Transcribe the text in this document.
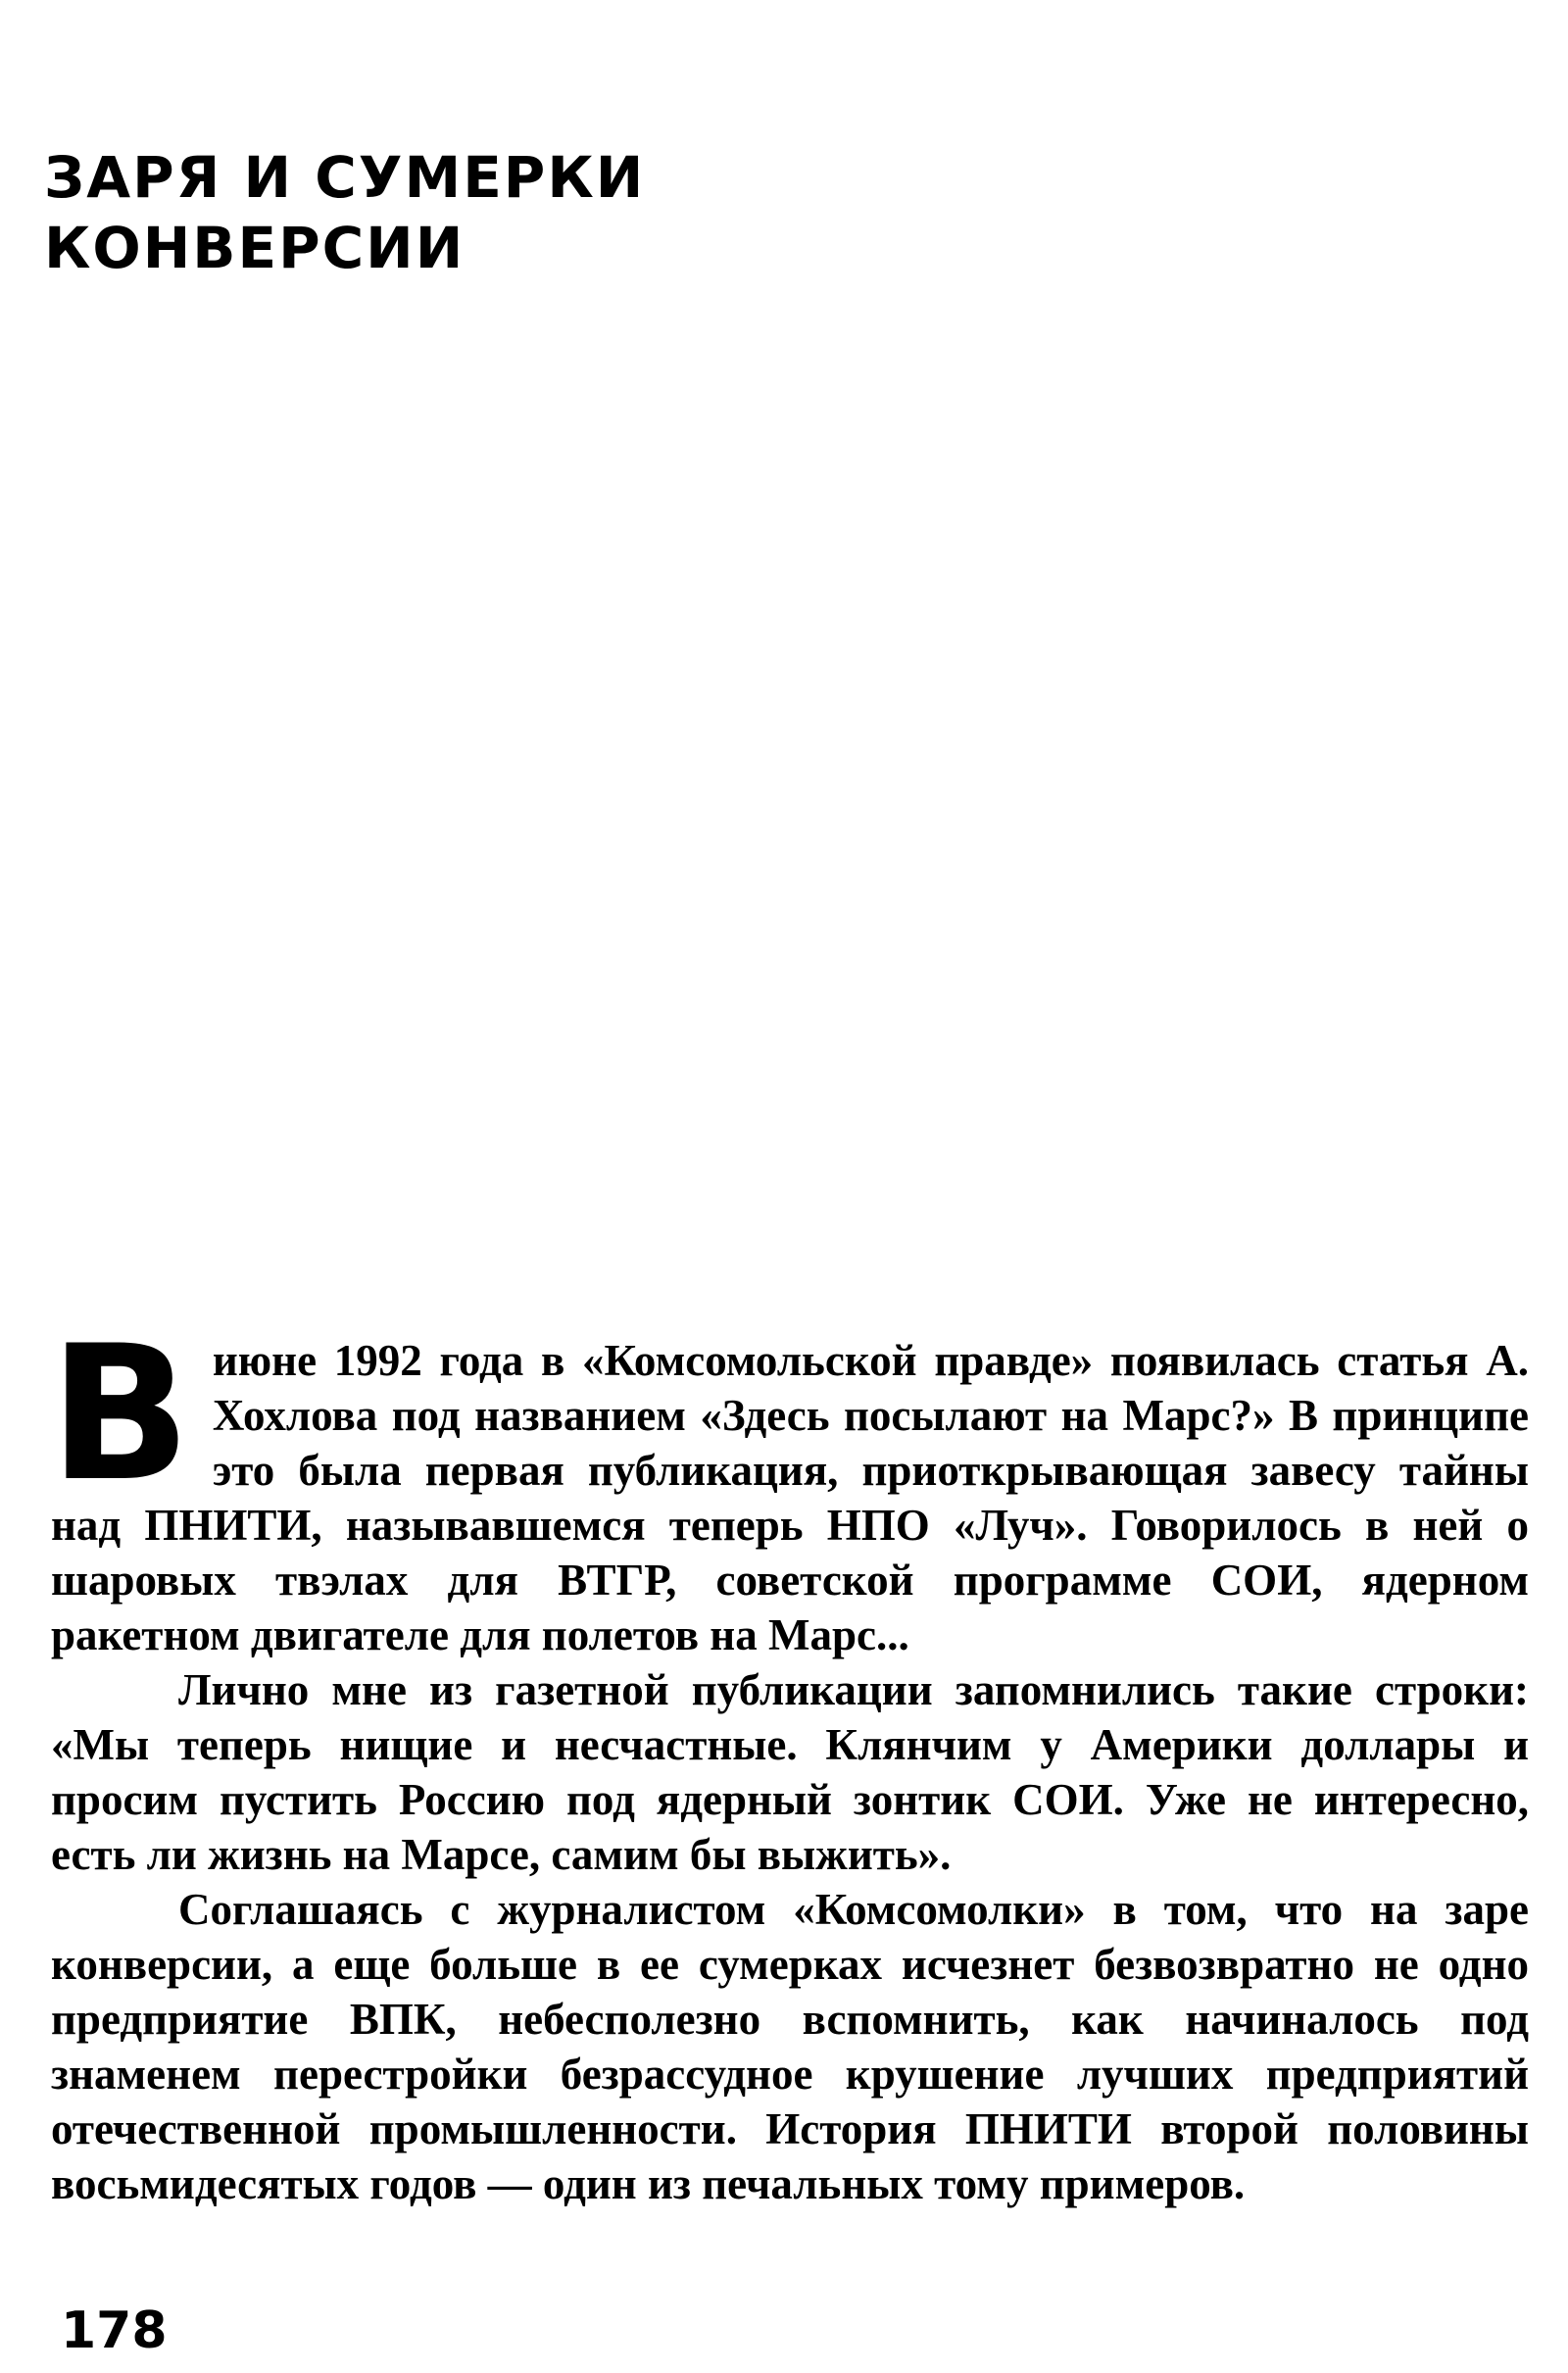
ЗАРЯ И СУМЕРКИ
КОНВЕРСИИ

Виюне 1992 года в «Комсомольской правде» появилась статья А. Хохлова под названием «Здесь посылают на Марс?» В принципе это была первая публикация, приоткрывающая завесу тайны над ПНИТИ, называвшемся теперь НПО «Луч». Говорилось в ней о шаровых твэлах для ВТГР, советской программе СОИ, ядерном ракетном двигателе для полетов на Марс...

Лично мне из газетной публикации запомнились такие строки: «Мы теперь нищие и несчастные. Клянчим у Америки доллары и просим пустить Россию под ядерный зонтик СОИ. Уже не интересно, есть ли жизнь на Марсе, самим бы выжить».

Соглашаясь с журналистом «Комсомолки» в том, что на заре конверсии, а еще больше в ее сумерках исчезнет безвозвратно не одно предприятие ВПК, небесполезно вспомнить, как начиналось под знаменем перестройки безрассудное крушение лучших предприятий отечественной промышленности. История ПНИТИ второй половины восьмидесятых годов — один из печальных тому примеров.

178
